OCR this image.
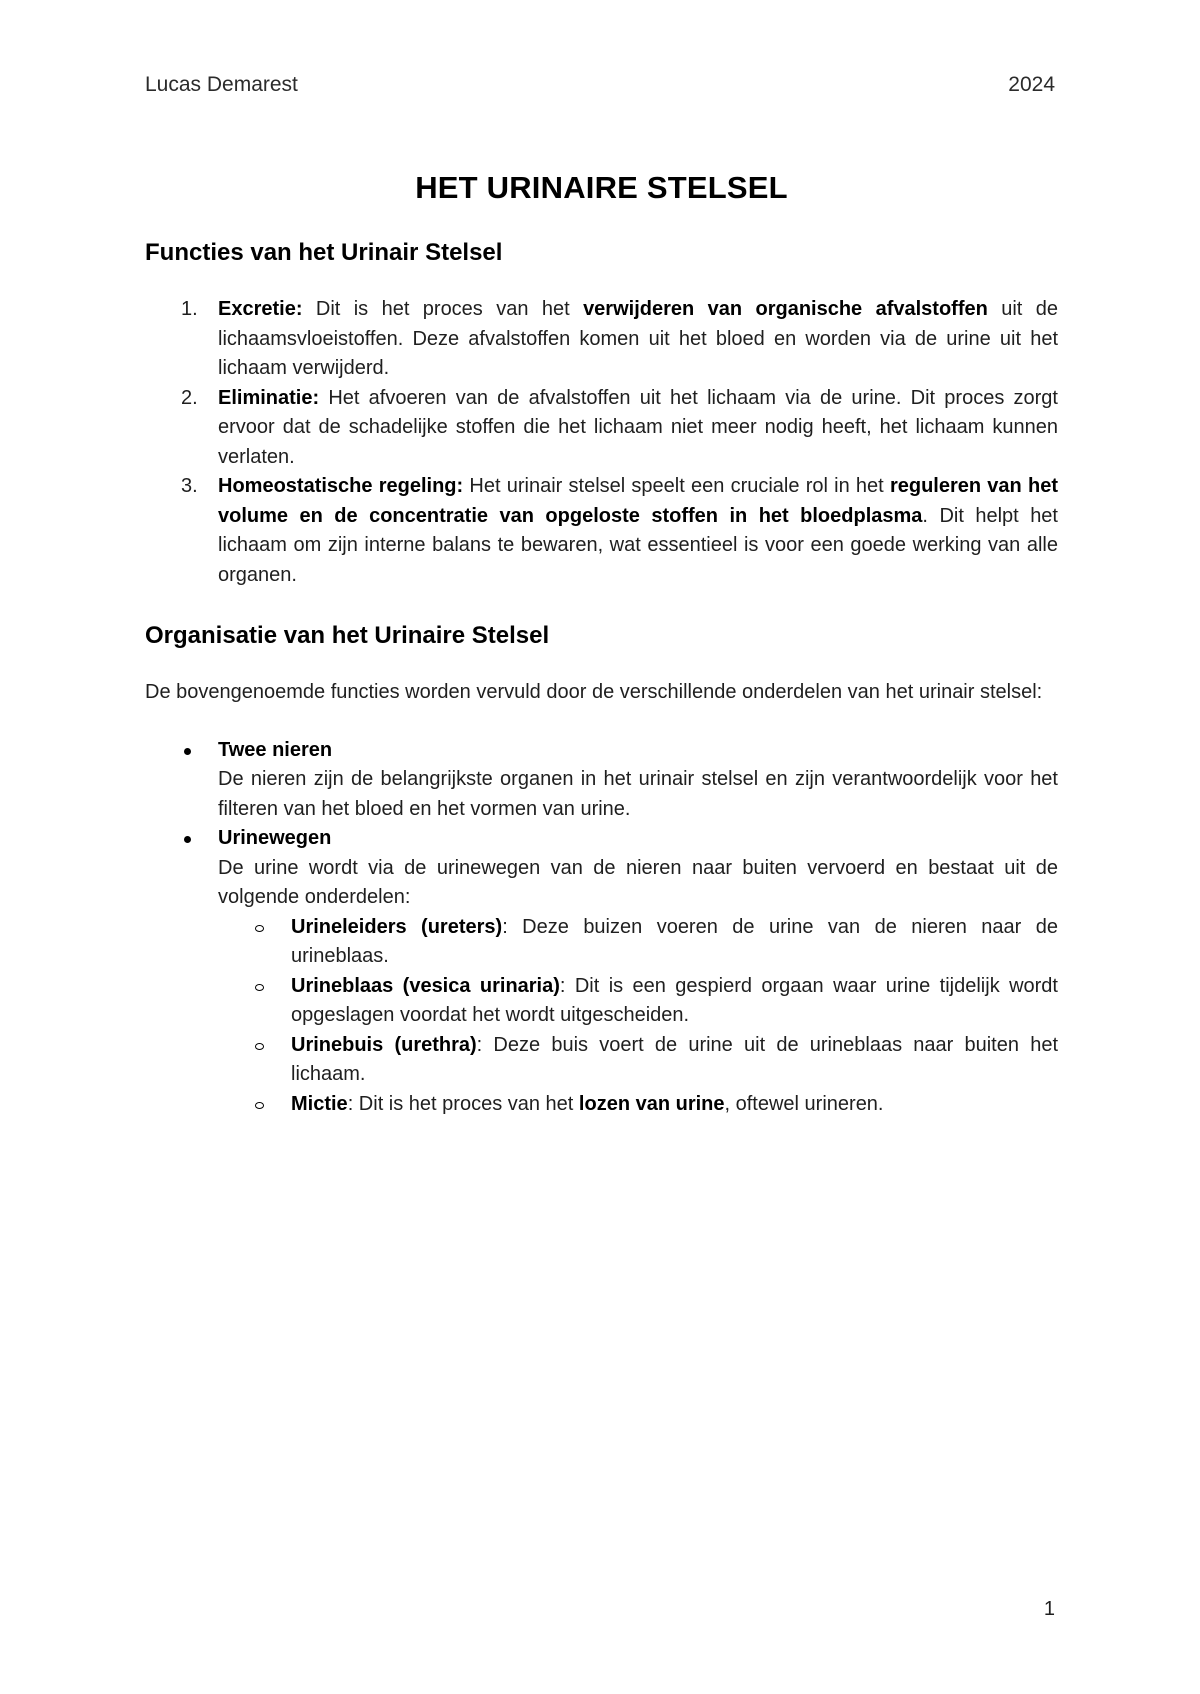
Lucas Demarest	2024
HET URINAIRE STELSEL
Functies van het Urinair Stelsel
1. Excretie: Dit is het proces van het verwijderen van organische afvalstoffen uit de lichaamsvloeistoffen. Deze afvalstoffen komen uit het bloed en worden via de urine uit het lichaam verwijderd.
2. Eliminatie: Het afvoeren van de afvalstoffen uit het lichaam via de urine. Dit proces zorgt ervoor dat de schadelijke stoffen die het lichaam niet meer nodig heeft, het lichaam kunnen verlaten.
3. Homeostatische regeling: Het urinair stelsel speelt een cruciale rol in het reguleren van het volume en de concentratie van opgeloste stoffen in het bloedplasma. Dit helpt het lichaam om zijn interne balans te bewaren, wat essentieel is voor een goede werking van alle organen.
Organisatie van het Urinaire Stelsel
De bovengenoemde functies worden vervuld door de verschillende onderdelen van het urinair stelsel:
Twee nieren
De nieren zijn de belangrijkste organen in het urinair stelsel en zijn verantwoordelijk voor het filteren van het bloed en het vormen van urine.
Urinewegen
De urine wordt via de urinewegen van de nieren naar buiten vervoerd en bestaat uit de volgende onderdelen:
Urineleiders (ureters): Deze buizen voeren de urine van de nieren naar de urineblaas.
Urineblaas (vesica urinaria): Dit is een gespierd orgaan waar urine tijdelijk wordt opgeslagen voordat het wordt uitgescheiden.
Urinebuis (urethra): Deze buis voert de urine uit de urineblaas naar buiten het lichaam.
Mictie: Dit is het proces van het lozen van urine, oftewel urineren.
1
